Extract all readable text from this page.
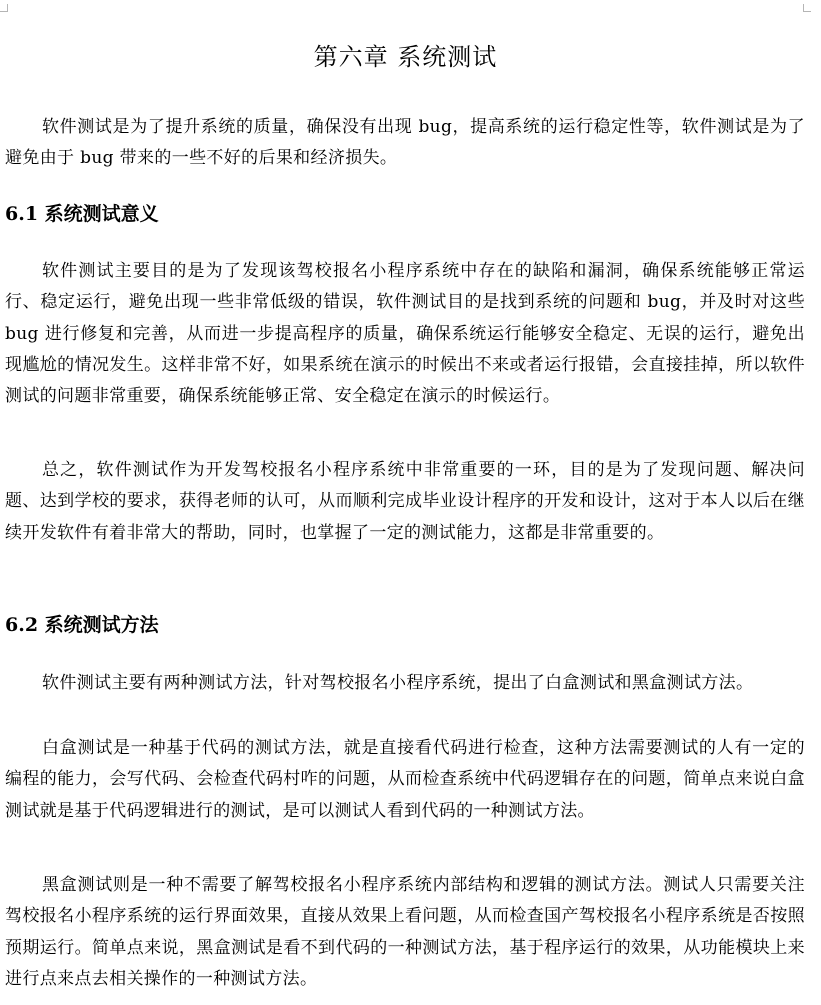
第六章 系统测试

软件测试是为了提升系统的质量，确保没有出现 bug，提高系统的运行稳定性等，软件测试是为了避免由于 bug 带来的一些不好的后果和经济损失。

6.1 系统测试意义

软件测试主要目的是为了发现该驾校报名小程序系统中存在的缺陷和漏洞，确保系统能够正常运行、稳定运行，避免出现一些非常低级的错误，软件测试目的是找到系统的问题和 bug，并及时对这些 bug 进行修复和完善，从而进一步提高程序的质量，确保系统运行能够安全稳定、无误的运行，避免出现尴尬的情况发生。这样非常不好，如果系统在演示的时候出不来或者运行报错，会直接挂掉，所以软件测试的问题非常重要，确保系统能够正常、安全稳定在演示的时候运行。

总之，软件测试作为开发驾校报名小程序系统中非常重要的一环，目的是为了发现问题、解决问题、达到学校的要求，获得老师的认可，从而顺利完成毕业设计程序的开发和设计，这对于本人以后在继续开发软件有着非常大的帮助，同时，也掌握了一定的测试能力，这都是非常重要的。

6.2 系统测试方法

软件测试主要有两种测试方法，针对驾校报名小程序系统，提出了白盒测试和黑盒测试方法。

白盒测试是一种基于代码的测试方法，就是直接看代码进行检查，这种方法需要测试的人有一定的编程的能力，会写代码、会检查代码村咋的问题，从而检查系统中代码逻辑存在的问题，简单点来说白盒测试就是基于代码逻辑进行的测试，是可以测试人看到代码的一种测试方法。

黑盒测试则是一种不需要了解驾校报名小程序系统内部结构和逻辑的测试方法。测试人只需要关注驾校报名小程序系统的运行界面效果，直接从效果上看问题，从而检查国产驾校报名小程序系统是否按照预期运行。简单点来说，黑盒测试是看不到代码的一种测试方法，基于程序运行的效果，从功能模块上来进行点来点去相关操作的一种测试方法。
